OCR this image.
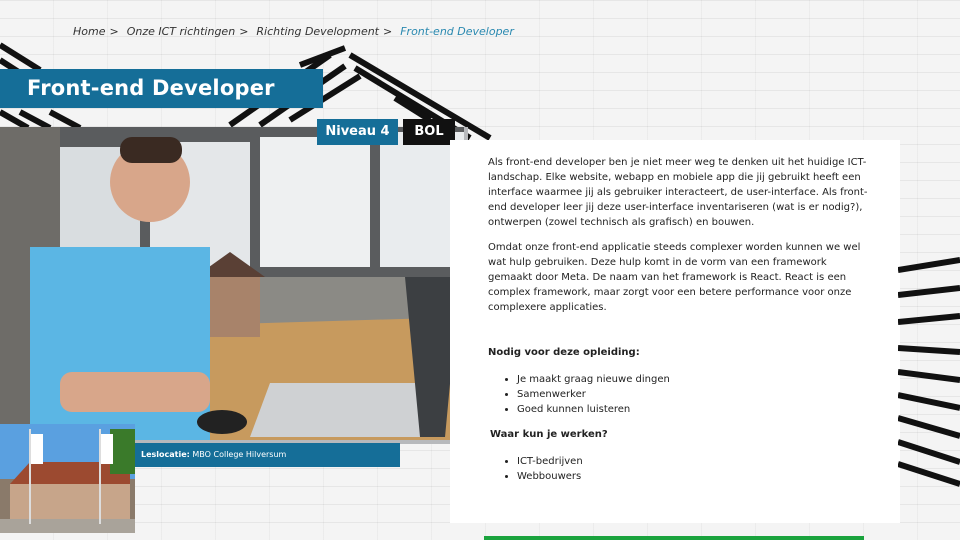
Home > Onze ICT richtingen > Richting Development > Front-end Developer
Front-end Developer
Niveau 4	BOL
Leslocatie: MBO College Hilversum

Als front-end developer ben je niet meer weg te denken uit het huidige ICT-landschap. Elke website, webapp en mobiele app die jij gebruikt heeft een interface waarmee jij als gebruiker interacteert, de user-interface. Als front-end developer leer jij deze user-interface inventariseren (wat is er nodig?), ontwerpen (zowel technisch als grafisch) en bouwen.

Omdat onze front-end applicatie steeds complexer worden kunnen we wel wat hulp gebruiken. Deze hulp komt in de vorm van een framework gemaakt door Meta. De naam van het framework is React. React is een complex framework, maar zorgt voor een betere performance voor onze complexere applicaties.

Nodig voor deze opleiding:
• Je maakt graag nieuwe dingen
• Samenwerker
• Goed kunnen luisteren
Waar kun je werken?
• ICT-bedrijven
• Webbouwers
